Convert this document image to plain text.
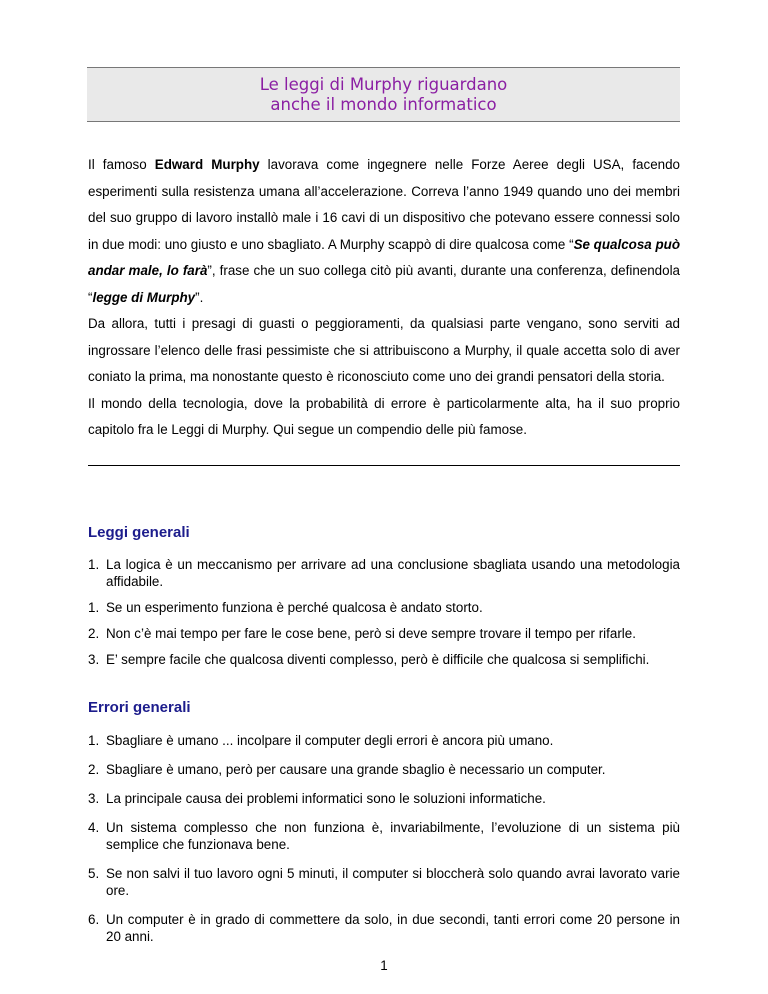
Le leggi di Murphy riguardano
anche il mondo informatico

Il famoso Edward Murphy lavorava come ingegnere nelle Forze Aeree degli USA, facendo esperimenti sulla resistenza umana all’accelerazione. Correva l’anno 1949 quando uno dei membri del suo gruppo di lavoro installò male i 16 cavi di un dispositivo che potevano essere connessi solo in due modi: uno giusto e uno sbagliato. A Murphy scappò di dire qualcosa come “Se qualcosa può andar male, lo farà”, frase che un suo collega citò più avanti, durante una conferenza, definendola “legge di Murphy”.

Da allora, tutti i presagi di guasti o peggioramenti, da qualsiasi parte vengano, sono serviti ad ingrossare l’elenco delle frasi pessimiste che si attribuiscono a Murphy, il quale accetta solo di aver coniato la prima, ma nonostante questo è riconosciuto come uno dei grandi pensatori della storia.

Il mondo della tecnologia, dove la probabilità di errore è particolarmente alta, ha il suo proprio capitolo fra le Leggi di Murphy. Qui segue un compendio delle più famose.

Leggi generali
1. La logica è un meccanismo per arrivare ad una conclusione sbagliata usando una metodologia affidabile.
1. Se un esperimento funziona è perché qualcosa è andato storto.
2. Non c’è mai tempo per fare le cose bene, però si deve sempre trovare il tempo per rifarle.
3. E’ sempre facile che qualcosa diventi complesso, però è difficile che qualcosa si semplifichi.
Errori generali
1. Sbagliare è umano ... incolpare il computer degli errori è ancora più umano.
2. Sbagliare è umano, però per causare una grande sbaglio è necessario un computer.
3. La principale causa dei problemi informatici sono le soluzioni informatiche.
4. Un sistema complesso che non funziona è, invariabilmente, l’evoluzione di un sistema più semplice che funzionava bene.
5. Se non salvi il tuo lavoro ogni 5 minuti, il computer si bloccherà solo quando avrai lavorato varie ore.
6. Un computer è in grado di commettere da solo, in due secondi, tanti errori come 20 persone in 20 anni.
1
